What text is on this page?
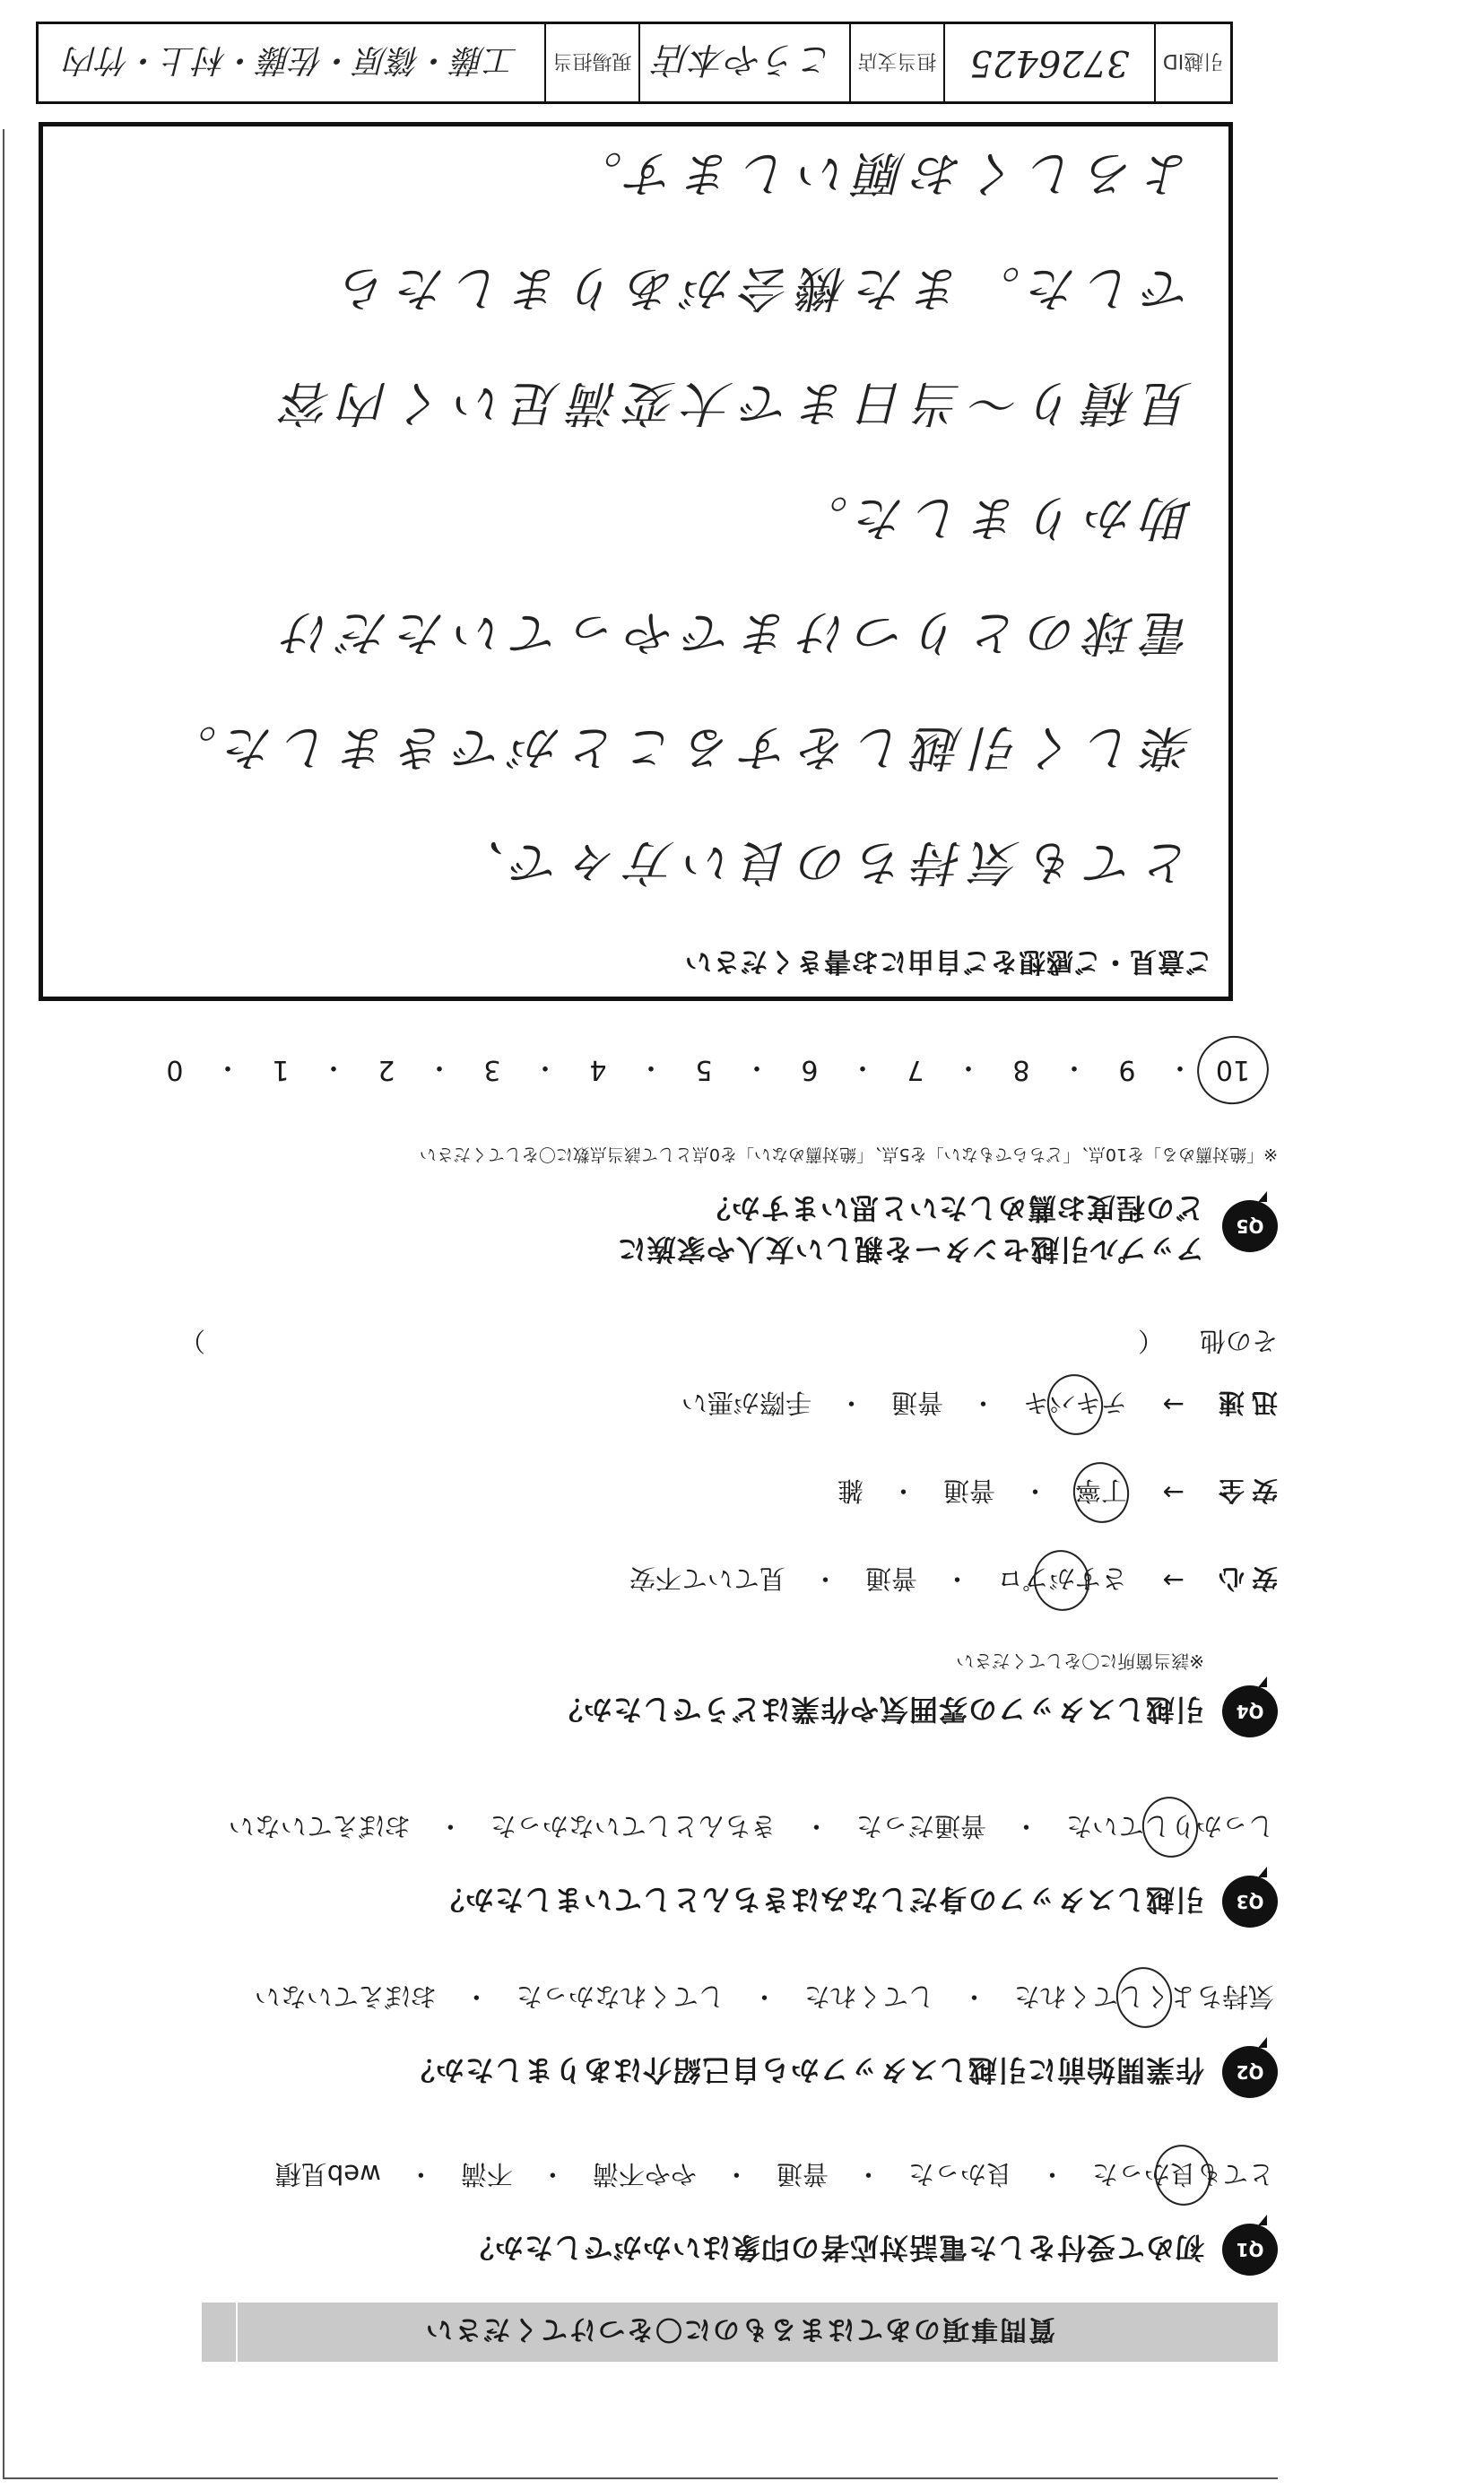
質問事項のあてはまるものに〇をつけてください
Q1
初めて受付をした電話対応者の印象はいかがでしたか？
とても良かった
・
良かった
・
普通
・
やや不満
・
不満
・
web見積
Q2
作業開始前に引越しスタッフから自己紹介はありましたか？
気持ちよくしてくれた
・
してくれた
・
してくれなかった
・
おぼえていない
Q3
引越しスタッフの身だしなみはきちんとしていましたか？
しっかりしていた
・
普通だった
・
きちんとしていなかった
・
おぼえていない
Q4
引越しスタッフの雰囲気や作業はどうでしたか？
※該当箇所に〇をしてください
安心
→
さすがプロ
・
普通
・
見ていて不安
安全
→
丁寧
・
普通
・
雑
迅速
→
テキパキ
・
普通
・
手際が悪い
その他
（
）
Q5
アップル引越センターを親しい友人や家族に
どの程度お薦めしたいと思いますか？
※「絶対薦める」を10点、「どちらでもない」を5点、「絶対薦めない」を0点として該当点数に〇をしてください
10
・
9
・
8
・
7
・
6
・
5
・
4
・
3
・
2
・
1
・
0
ご意見・ご感想をご自由にお書きください
とても気持ちの良い方々で、
楽しく引越しをすることができました。
電球のとりつけまでやっていただけ
助かりました。
見積り～当日まで大変満足いく内容
でした。また機会がありましたら
よろしくお願いします。
引越ID
3726425
担当支店
こうや本店
現場担当
工藤・篠原・佐藤・村上・竹内
